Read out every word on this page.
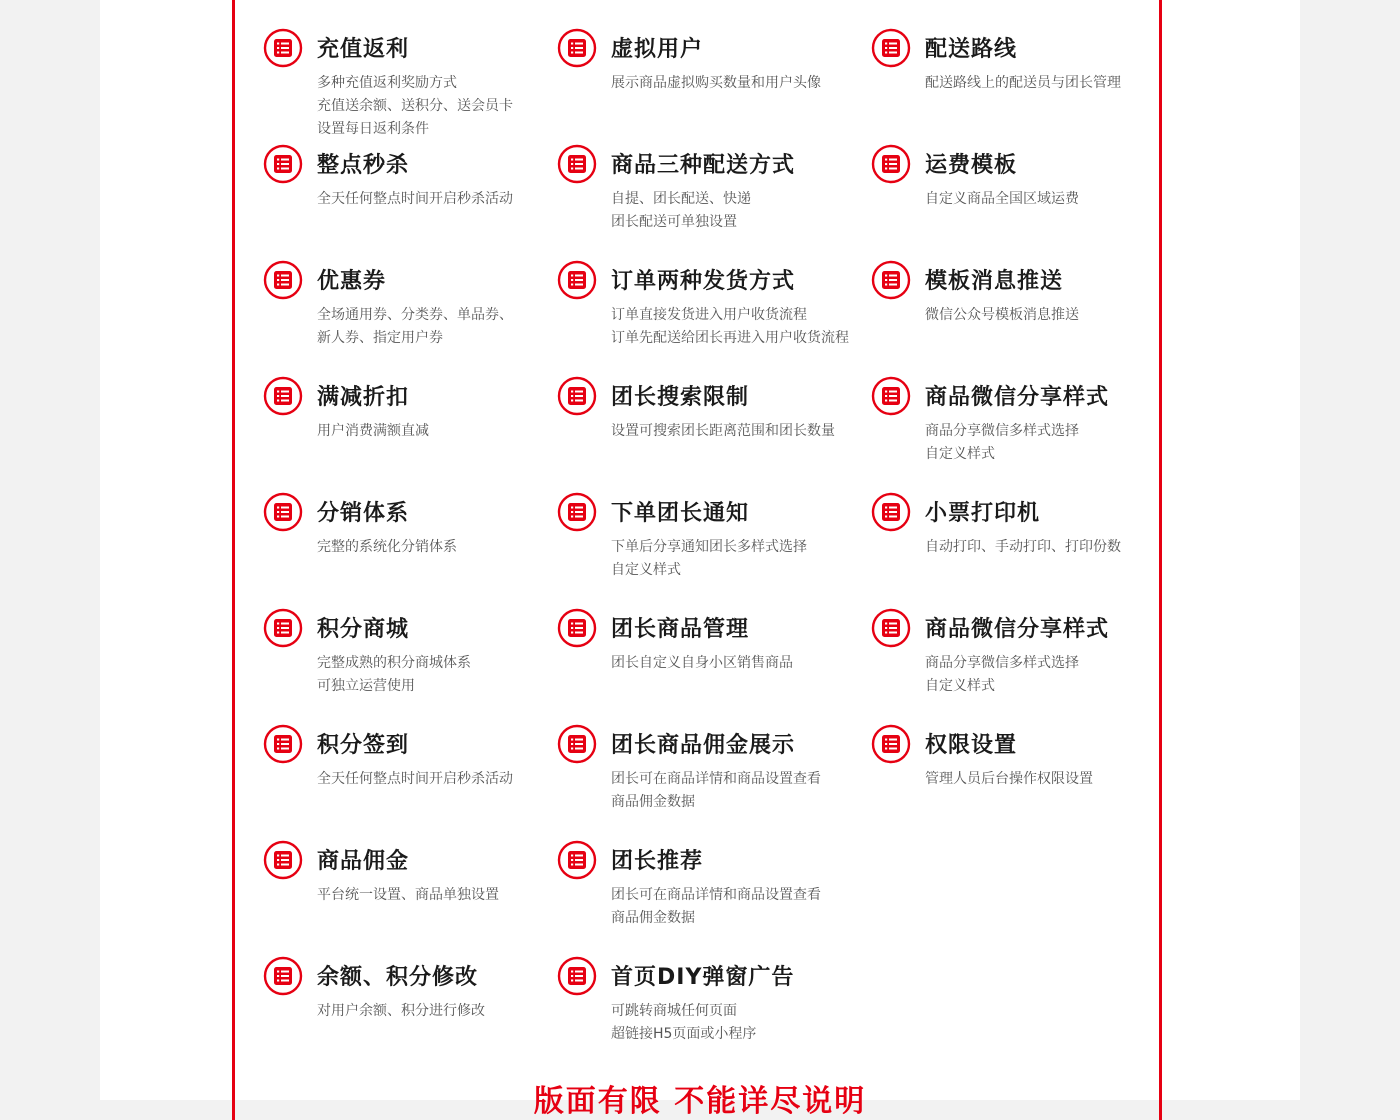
充值返利
多种充值返利奖励方式
充值送余额、送积分、送会员卡
设置每日返利条件
虚拟用户
展示商品虚拟购买数量和用户头像
配送路线
配送路线上的配送员与团长管理
整点秒杀
全天任何整点时间开启秒杀活动
商品三种配送方式
自提、团长配送、快递
团长配送可单独设置
运费模板
自定义商品全国区域运费
优惠券
全场通用券、分类券、单品券、
新人券、指定用户券
订单两种发货方式
订单直接发货进入用户收货流程
订单先配送给团长再进入用户收货流程
模板消息推送
微信公众号模板消息推送
满减折扣
用户消费满额直减
团长搜索限制
设置可搜索团长距离范围和团长数量
商品微信分享样式
商品分享微信多样式选择
自定义样式
分销体系
完整的系统化分销体系
下单团长通知
下单后分享通知团长多样式选择
自定义样式
小票打印机
自动打印、手动打印、打印份数
积分商城
完整成熟的积分商城体系
可独立运营使用
团长商品管理
团长自定义自身小区销售商品
商品微信分享样式
商品分享微信多样式选择
自定义样式
积分签到
全天任何整点时间开启秒杀活动
团长商品佣金展示
团长可在商品详情和商品设置查看
商品佣金数据
权限设置
管理人员后台操作权限设置
商品佣金
平台统一设置、商品单独设置
团长推荐
团长可在商品详情和商品设置查看
商品佣金数据
余额、积分修改
对用户余额、积分进行修改
首页DIY弹窗广告
可跳转商城任何页面
超链接H5页面或小程序
版面有限 不能详尽说明
